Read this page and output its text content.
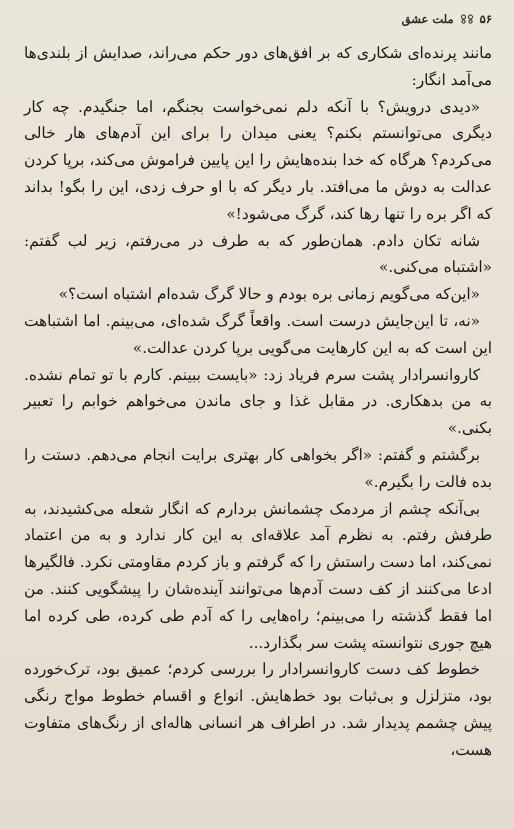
۵۶
ملت عشق

مانند پرنده‌ای شکاری که بر افق‌های دور حکم می‌راند، صدایش از بلندی‌ها می‌آمد انگار:

«دیدی درویش؟ با آنکه دلم نمی‌خواست بجنگم، اما جنگیدم. چه کار دیگری می‌توانستم بکنم؟ یعنی میدان را برای این آدم‌های هار خالی می‌کردم؟ هرگاه که خدا بنده‌هایش را این پایین فراموش می‌کند، برپا کردن عدالت به دوش ما می‌افتد. بار دیگر که با او حرف زدی، این را بگو! بداند که اگر بره را تنها رها کند، گرگ می‌شود!»

شانه تکان دادم. همان‌طور که به طرف در می‌رفتم، زیر لب گفتم: «اشتباه می‌کنی.»

«این‌که می‌گویم زمانی بره بودم و حالا گرگ شده‌ام اشتباه است؟»

«نه، تا این‌جایش درست است. واقعاً گرگ شده‌ای، می‌بینم. اما اشتباهت این است که به این کارهایت می‌گویی برپا کردن عدالت.»

کاروانسرادار پشت سرم فریاد زد: «بایست ببینم. کارم با تو تمام نشده. به من بدهکاری. در مقابل غذا و جای ماندن می‌خواهم خوابم را تعبیر بکنی.»

برگشتم و گفتم: «اگر بخواهی کار بهتری برایت انجام می‌دهم. دستت را بده فالت را بگیرم.»

بی‌آنکه چشم از مردمک چشمانش بردارم که انگار شعله می‌کشیدند، به طرفش رفتم. به نظرم آمد علاقه‌ای به این کار ندارد و به من اعتماد نمی‌کند، اما دست راستش را که گرفتم و باز کردم مقاومتی نکرد. فالگیرها ادعا می‌کنند از کف دست آدم‌ها می‌توانند آینده‌شان را پیشگویی کنند. من اما فقط گذشته را می‌بینم؛ راه‌هایی را که آدم طی کرده، طی کرده اما هیچ جوری نتوانسته پشت سر بگذارد...

خطوط کف دست کاروانسرادار را بررسی کردم؛ عمیق بود، ترک‌خورده بود، متزلزل و بی‌ثبات بود خط‌هایش. انواع و اقسام خطوط مواج رنگی پیش چشمم پدیدار شد. در اطراف هر انسانی هاله‌ای از رنگ‌های متفاوت هست،
